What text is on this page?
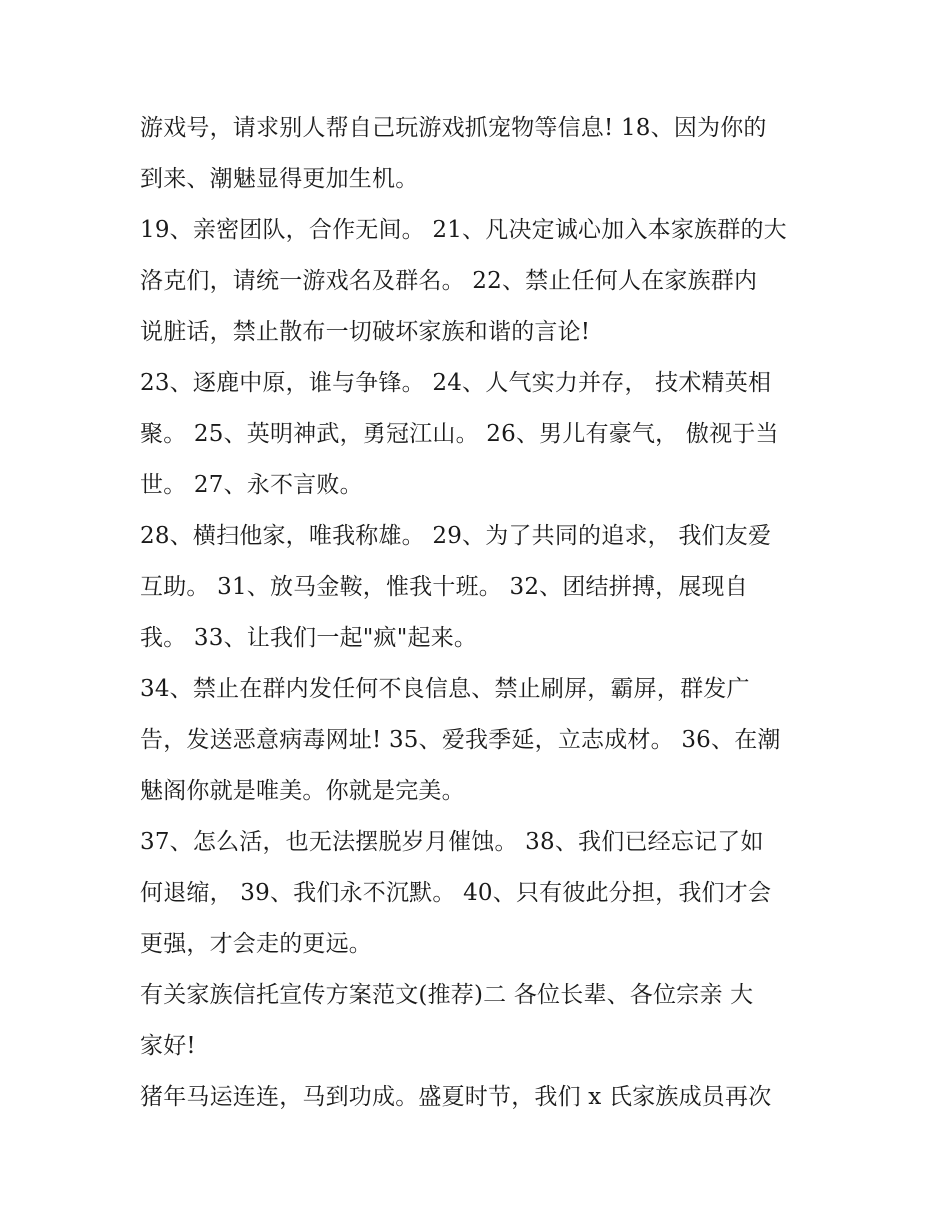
游戏号，请求别人帮自己玩游戏抓宠物等信息! 18、因为你的
到来、潮魅显得更加生机。
19、亲密团队，合作无间。 21、凡决定诚心加入本家族群的大
洛克们，请统一游戏名及群名。 22、禁止任何人在家族群内
说脏话，禁止散布一切破坏家族和谐的言论!
23、逐鹿中原，谁与争锋。 24、人气实力并存， 技术精英相
聚。 25、英明神武，勇冠江山。 26、男儿有豪气， 傲视于当
世。 27、永不言败。
28、横扫他家，唯我称雄。 29、为了共同的追求， 我们友爱
互助。 31、放马金鞍，惟我十班。 32、团结拼搏，展现自
我。 33、让我们一起"疯"起来。
34、禁止在群内发任何不良信息、禁止刷屏，霸屏，群发广
告，发送恶意病毒网址! 35、爱我季延，立志成材。 36、在潮
魅阁你就是唯美。你就是完美。
37、怎么活，也无法摆脱岁月催蚀。 38、我们已经忘记了如
何退缩， 39、我们永不沉默。 40、只有彼此分担，我们才会
更强，才会走的更远。
有关家族信托宣传方案范文(推荐)二 各位长辈、各位宗亲 大
家好!
猪年马运连连，马到功成。盛夏时节，我们 x 氏家族成员再次
